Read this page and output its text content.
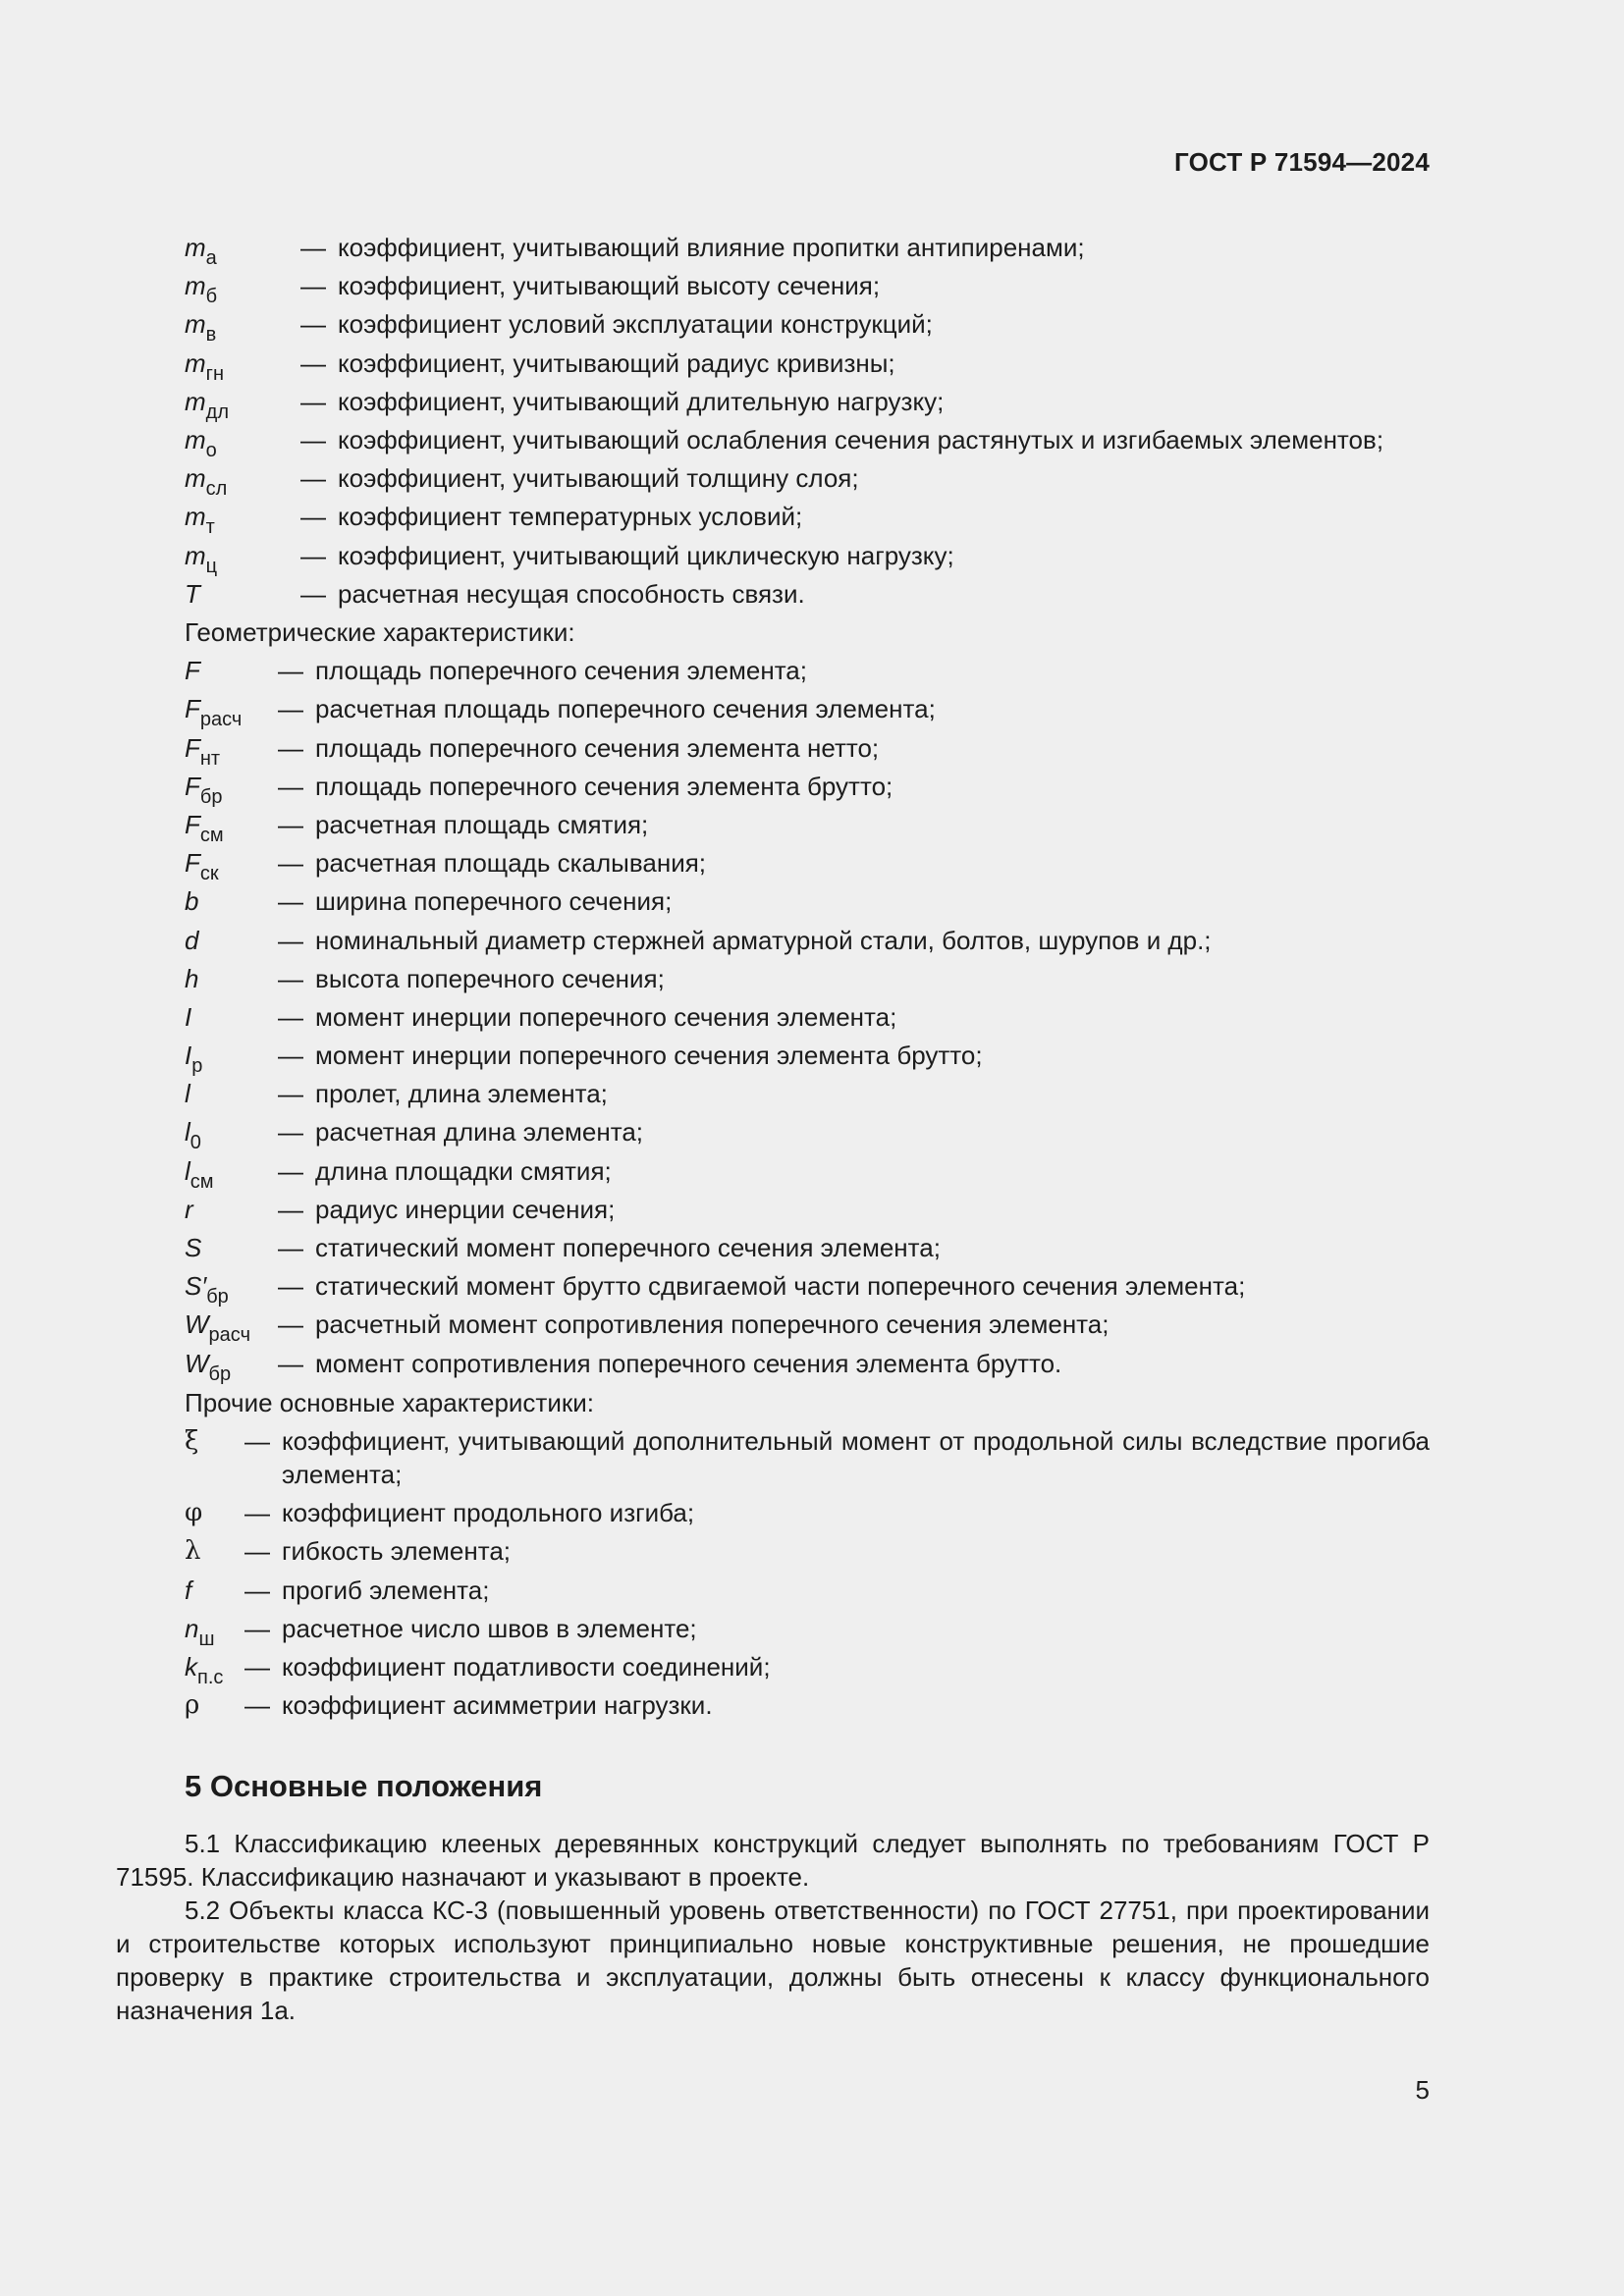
ГОСТ Р 71594—2024
$m_а$	— коэффициент, учитывающий влияние пропитки антипиренами;
$m_б$	— коэффициент, учитывающий высоту сечения;
$m_в$	— коэффициент условий эксплуатации конструкций;
$m_{гн}$	— коэффициент, учитывающий радиус кривизны;
$m_{дл}$	— коэффициент, учитывающий длительную нагрузку;
$m_о$	— коэффициент, учитывающий ослабления сечения растянутых и изгибаемых элементов;
$m_{сл}$	— коэффициент, учитывающий толщину слоя;
$m_т$	— коэффициент температурных условий;
$m_ц$	— коэффициент, учитывающий циклическую нагрузку;
T	— расчетная несущая способность связи.
Геометрические характеристики:
F	— площадь поперечного сечения элемента;
$F_{расч}$	— расчетная площадь поперечного сечения элемента;
$F_{нт}$	— площадь поперечного сечения элемента нетто;
$F_{бр}$	— площадь поперечного сечения элемента брутто;
$F_{см}$	— расчетная площадь смятия;
$F_{ск}$	— расчетная площадь скалывания;
b	— ширина поперечного сечения;
d	— номинальный диаметр стержней арматурной стали, болтов, шурупов и др.;
h	— высота поперечного сечения;
I	— момент инерции поперечного сечения элемента;
$I_р$	— момент инерции поперечного сечения элемента брутто;
l	— пролет, длина элемента;
$l_0$	— расчетная длина элемента;
$l_{см}$	— длина площадки смятия;
r	— радиус инерции сечения;
S	— статический момент поперечного сечения элемента;
$S'_{бр}$	— статический момент брутто сдвигаемой части поперечного сечения элемента;
$W_{расч}$	— расчетный момент сопротивления поперечного сечения элемента;
$W_{бр}$	— момент сопротивления поперечного сечения элемента брутто.
Прочие основные характеристики:
ξ	— коэффициент, учитывающий дополнительный момент от продольной силы вследствие прогиба элемента;
φ	— коэффициент продольного изгиба;
λ	— гибкость элемента;
f	— прогиб элемента;
$n_ш$	— расчетное число швов в элементе;
$k_{п.с}$ — коэффициент податливости соединений;
ρ	— коэффициент асимметрии нагрузки.
5 Основные положения

5.1 Классификацию клееных деревянных конструкций следует выполнять по требованиям ГОСТ Р 71595. Классификацию назначают и указывают в проекте.

5.2 Объекты класса КС-3 (повышенный уровень ответственности) по ГОСТ 27751, при проектировании и строительстве которых используют принципиально новые конструктивные решения, не прошедшие проверку в практике строительства и эксплуатации, должны быть отнесены к классу функционального назначения 1а.

5
